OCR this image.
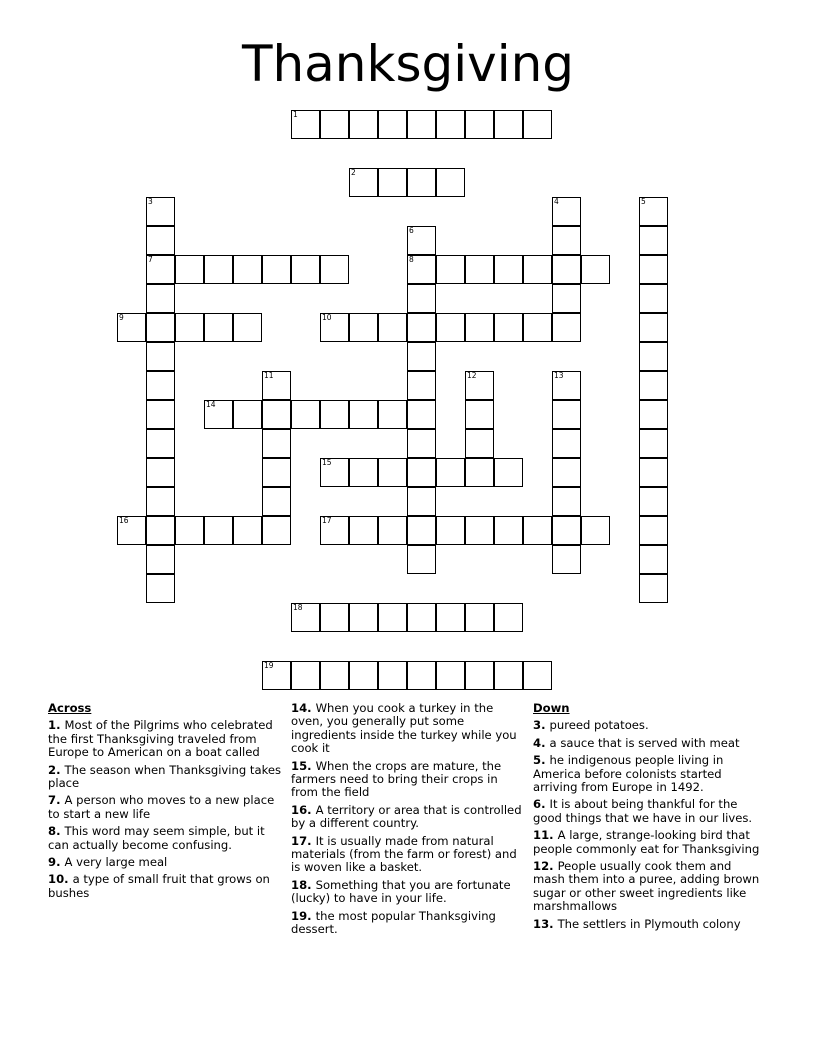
Thanksgiving
1
2
3
7
4	5
6
8
9	10
11	12	13
14
15
16	17
18
19
Across
1. Most of the Pilgrims who celebrated the first Thanksgiving traveled from Europe to American on a boat called
2. The season when Thanksgiving takes place
7. A person who moves to a new place to start a new life
8. This word may seem simple, but it can actually become confusing.
9. A very large meal
10. a type of small fruit that grows on bushes
14. When you cook a turkey in the oven, you generally put some ingredients inside the turkey while you cook it
15. When the crops are mature, the farmers need to bring their crops in from the field
16. A territory or area that is controlled by a different country.
17. It is usually made from natural materials (from the farm or forest) and is woven like a basket.
18. Something that you are fortunate (lucky) to have in your life.
19. the most popular Thanksgiving dessert.
Down
3. pureed potatoes.
4. a sauce that is served with meat
5. he indigenous people living in America before colonists started arriving from Europe in 1492.
6. It is about being thankful for the good things that we have in our lives.
11. A large, strange-looking bird that people commonly eat for Thanksgiving
12. People usually cook them and mash them into a puree, adding brown sugar or other sweet ingredients like marshmallows
13. The settlers in Plymouth colony
